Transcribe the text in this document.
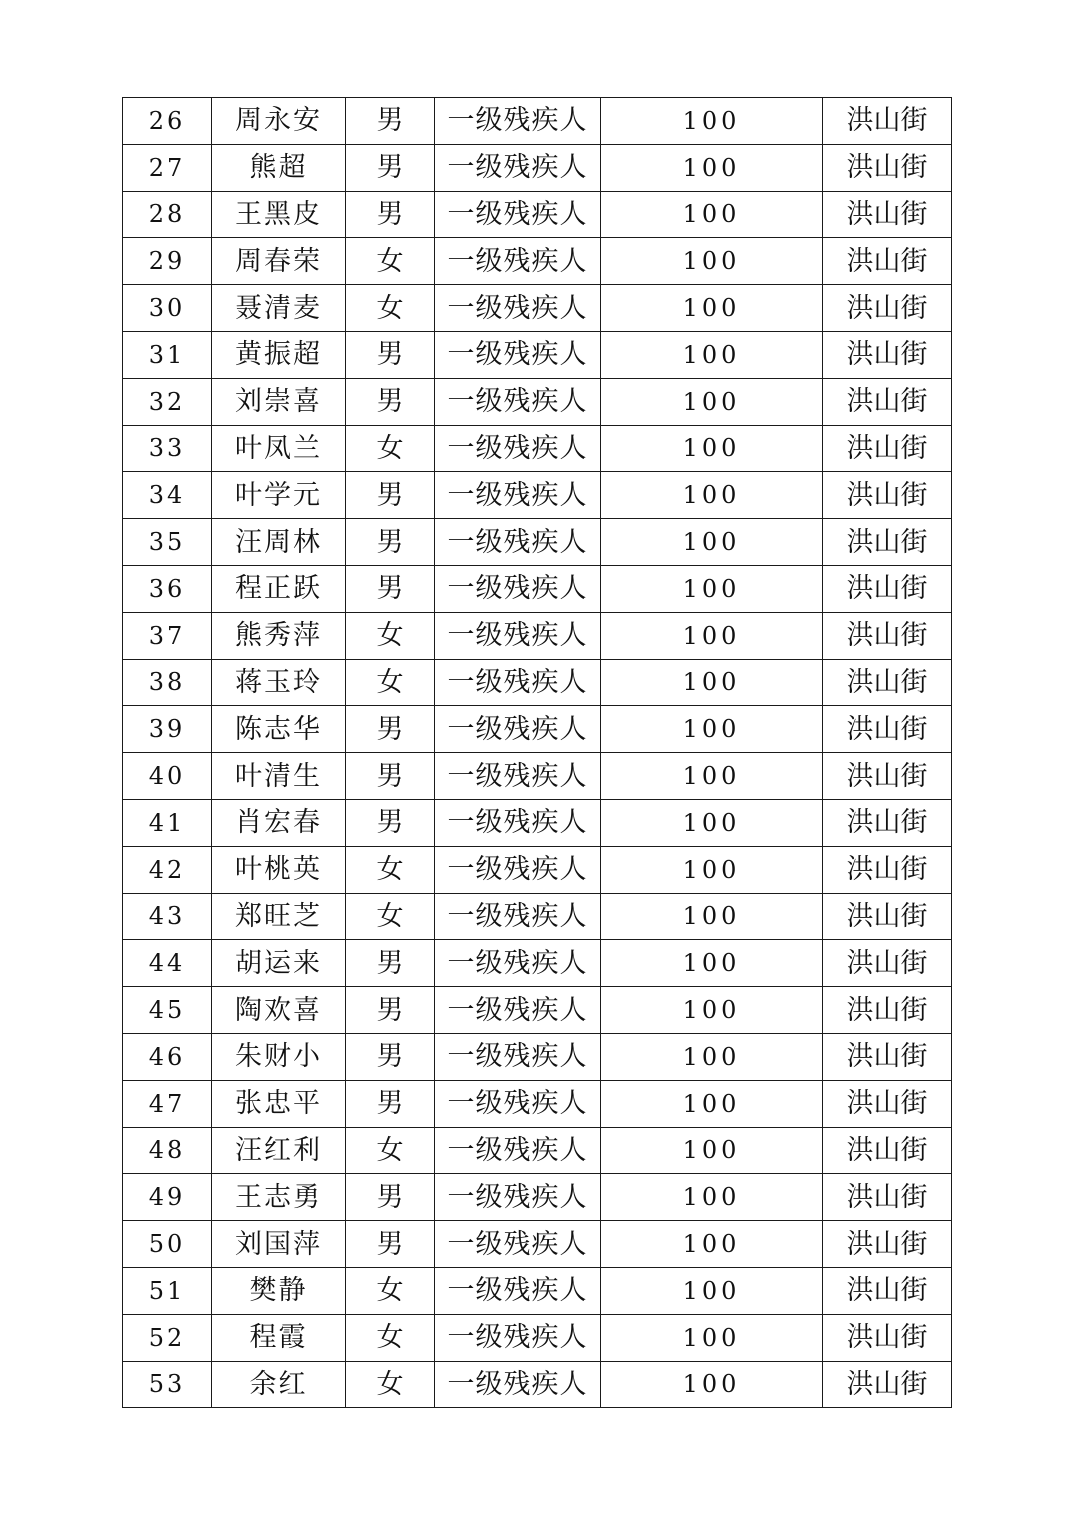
26	周永安	男	一级残疾人	100	洪山街
27	熊超	男	一级残疾人	100	洪山街
28	王黑皮	男	一级残疾人	100	洪山街
29	周春荣	女	一级残疾人	100	洪山街
30	聂清麦	女	一级残疾人	100	洪山街
31	黄振超	男	一级残疾人	100	洪山街
32	刘崇喜	男	一级残疾人	100	洪山街
33	叶凤兰	女	一级残疾人	100	洪山街
34	叶学元	男	一级残疾人	100	洪山街
35	汪周林	男	一级残疾人	100	洪山街
36	程正跃	男	一级残疾人	100	洪山街
37	熊秀萍	女	一级残疾人	100	洪山街
38	蒋玉玲	女	一级残疾人	100	洪山街
39	陈志华	男	一级残疾人	100	洪山街
40	叶清生	男	一级残疾人	100	洪山街
41	肖宏春	男	一级残疾人	100	洪山街
42	叶桃英	女	一级残疾人	100	洪山街
43	郑旺芝	女	一级残疾人	100	洪山街
44	胡运来	男	一级残疾人	100	洪山街
45	陶欢喜	男	一级残疾人	100	洪山街
46	朱财小	男	一级残疾人	100	洪山街
47	张忠平	男	一级残疾人	100	洪山街
48	汪红利	女	一级残疾人	100	洪山街
49	王志勇	男	一级残疾人	100	洪山街
50	刘国萍	男	一级残疾人	100	洪山街
51	樊静	女	一级残疾人	100	洪山街
52	程霞	女	一级残疾人	100	洪山街
53	余红	女	一级残疾人	100	洪山街
